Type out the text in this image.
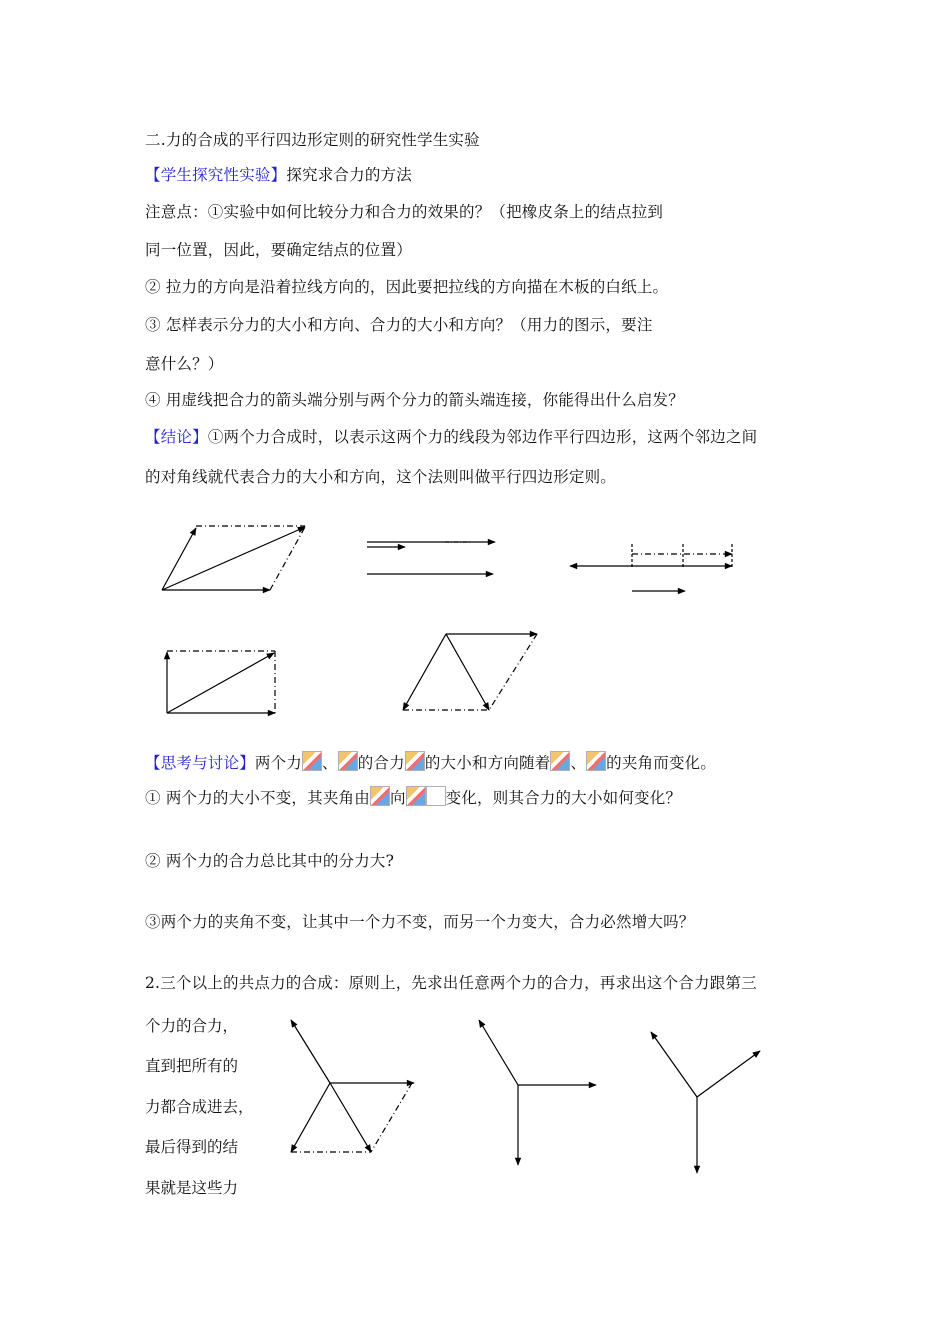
二.力的合成的平行四边形定则的研究性学生实验
【学生探究性实验】探究求合力的方法
注意点：①实验中如何比较分力和合力的效果的？（把橡皮条上的结点拉到
同一位置，因此，要确定结点的位置）
② 拉力的方向是沿着拉线方向的，因此要把拉线的方向描在木板的白纸上。
③ 怎样表示分力的大小和方向、合力的大小和方向？（用力的图示，要注
意什么？）
④ 用虚线把合力的箭头端分别与两个分力的箭头端连接，你能得出什么启发？
【结论】①两个力合成时，以表示这两个力的线段为邻边作平行四边形，这两个邻边之间
的对角线就代表合力的大小和方向，这个法则叫做平行四边形定则。
【思考与讨论】两个力 、 的合力 的大小和方向随着 、 的夹角而变化。
① 两个力的大小不变，其夹角由 向	变化，则其合力的大小如何变化？
② 两个力的合力总比其中的分力大?
③两个力的夹角不变，让其中一个力不变，而另一个力变大，合力必然增大吗？
2.三个以上的共点力的合成：原则上，先求出任意两个力的合力，再求出这个合力跟第三
个力的合力，
直到把所有的
力都合成进去，
最后得到的结
果就是这些力
